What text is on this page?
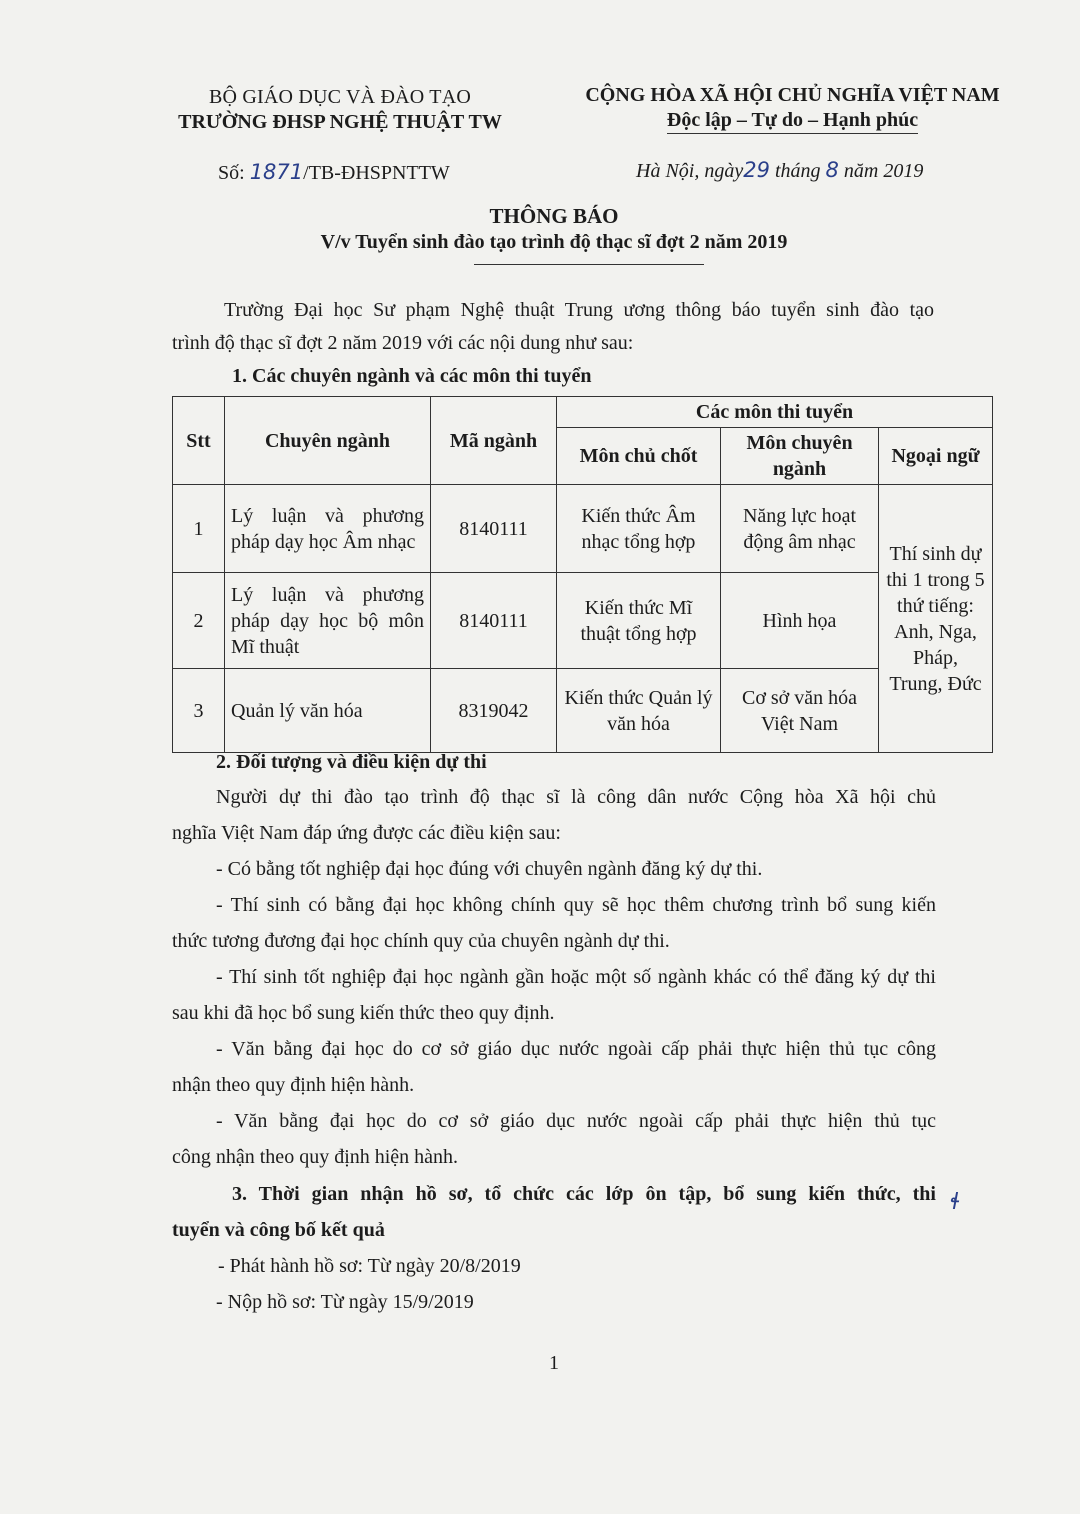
BỘ GIÁO DỤC VÀ ĐÀO TẠO
TRƯỜNG ĐHSP NGHỆ THUẬT TW
CỘNG HÒA XÃ HỘI CHỦ NGHĨA VIỆT NAM
Độc lập – Tự do – Hạnh phúc
Số: 1871/TB-ĐHSPNTTW	Hà Nội, ngày29 tháng 8 năm 2019
THÔNG BÁO
V/v Tuyển sinh đào tạo trình độ thạc sĩ đợt 2 năm 2019
Trường Đại học Sư phạm Nghệ thuật Trung ương thông báo tuyển sinh đào tạo
trình độ thạc sĩ đợt 2 năm 2019 với các nội dung như sau:
1. Các chuyên ngành và các môn thi tuyển
Stt	Chuyên ngành	Mã ngành	Các môn thi tuyển		
			Môn chủ chốt	Môn chuyên ngành	Ngoại ngữ
1	Lý luận và phương pháp dạy học Âm nhạc	8140111	Kiến thức Âm nhạc tổng hợp	Năng lực hoạt động âm nhạc	Thí sinh dự thi 1 trong 5 thứ tiếng: Anh, Nga, Pháp, Trung, Đức
2	Lý luận và phương pháp dạy học bộ môn Mĩ thuật	8140111	Kiến thức Mĩ thuật tổng hợp	Hình họa	
3	Quản lý văn hóa	8319042	Kiến thức Quản lý văn hóa	Cơ sở văn hóa Việt Nam	
2. Đối tượng và điều kiện dự thi
Người dự thi đào tạo trình độ thạc sĩ là công dân nước Cộng hòa Xã hội chủ
nghĩa Việt Nam đáp ứng được các điều kiện sau:
- Có bằng tốt nghiệp đại học đúng với chuyên ngành đăng ký dự thi.
- Thí sinh có bằng đại học không chính quy sẽ học thêm chương trình bổ sung kiến
thức tương đương đại học chính quy của chuyên ngành dự thi.
- Thí sinh tốt nghiệp đại học ngành gần hoặc một số ngành khác có thể đăng ký dự thi
sau khi đã học bổ sung kiến thức theo quy định.
- Văn bằng đại học do cơ sở giáo dục nước ngoài cấp phải thực hiện thủ tục công
nhận theo quy định hiện hành.
- Văn bằng đại học do cơ sở giáo dục nước ngoài cấp phải thực hiện thủ tục
công nhận theo quy định hiện hành.
3. Thời gian nhận hồ sơ, tổ chức các lớp ôn tập, bổ sung kiến thức, thi
tuyển và công bố kết quả
ɬ
- Phát hành hồ sơ: Từ ngày 20/8/2019
- Nộp hồ sơ: Từ ngày 15/9/2019
1
